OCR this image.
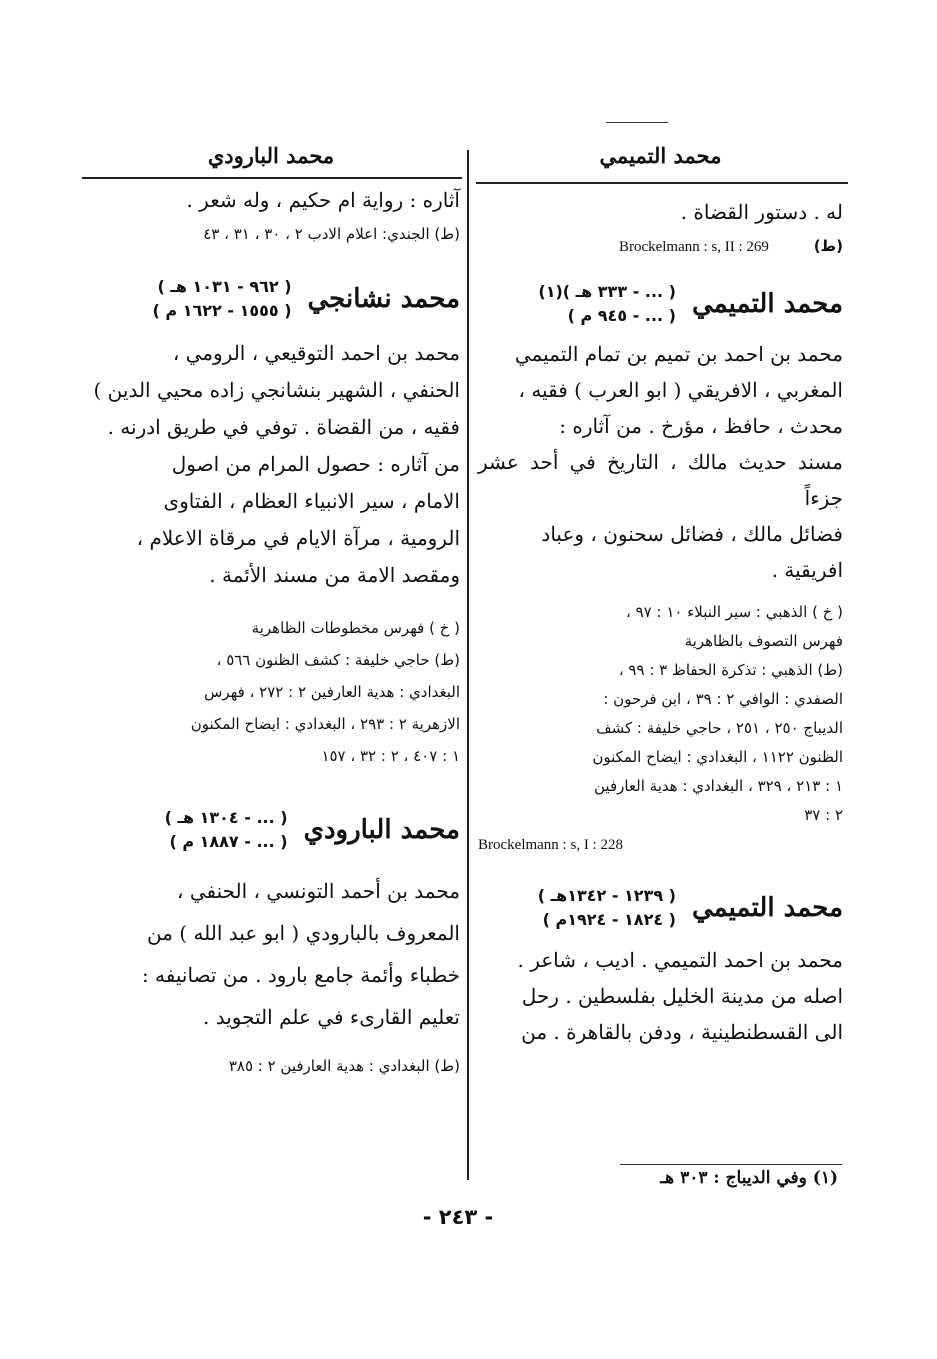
محمد التميمي

له . دستور القضاة .

(ط) Brockelmann : s, II : 269

محمد التميمي
( ... - ٣٣٣ هـ )(١)
( ... - ٩٤٥ م )

محمد بن احمد بن تميم بن تمام التميمي

المغربي ، الافريقي ( ابو العرب ) فقيه ،

محدث ، حافظ ، مؤرخ . من آثاره :

مسند حديث مالك ، التاريخ في أحد عشر جزءاً

فضائل مالك ، فضائل سحنون ، وعباد

افريقية .

( خ ) الذهبي : سير النبلاء ١٠ : ٩٧ ،

فهرس التصوف بالظاهرية

(ط) الذهبي : تذكرة الحفاظ ٣ : ٩٩ ،

الصفدي : الوافي ٢ : ٣٩ ، ابن فرحون :

الديباج ٢٥٠ ، ٢٥١ ، حاجي خليفة : كشف

الظنون ١١٢٢ ، البغدادي : ايضاح المكنون

١ : ٢١٣ ، ٣٢٩ ، البغدادي : هدية العارفين

٢ : ٣٧

Brockelmann : s, I : 228

محمد التميمي
( ١٢٣٩ - ١٣٤٢هـ )
( ١٨٢٤ - ١٩٢٤م )

محمد بن احمد التميمي . اديب ، شاعر .

اصله من مدينة الخليل بفلسطين . رحل

الى القسطنطينية ، ودفن بالقاهرة . من

(١) وفي الديباج : ٣٠٣ هـ
محمد البارودي

آثاره : رواية ام حكيم ، وله شعر .

(ط) الجندي: اعلام الادب ٢ ، ٣٠ ، ٣١ ، ٤٣

محمد نشانجي
( ٩٦٢ - ١٠٣١ هـ )
( ١٥٥٥ - ١٦٢٢ م )

محمد بن احمد التوقيعي ، الرومي ،

الحنفي ، الشهير بنشانجي زاده محيي الدين )

فقيه ، من القضاة . توفي في طريق ادرنه .

من آثاره : حصول المرام من اصول

الامام ، سير الانبياء العظام ، الفتاوى

الرومية ، مرآة الايام في مرقاة الاعلام ،

ومقصد الامة من مسند الأئمة .

( خ ) فهرس مخطوطات الظاهرية

(ط) حاجي خليفة : كشف الظنون ٥٦٦ ،

البغدادي : هدية العارفين ٢ : ٢٧٢ ، فهرس

الازهرية ٢ : ٢٩٣ ، البغدادي : ايضاح المكنون

١ : ٤٠٧ ، ٢ : ٣٢ ، ١٥٧

محمد البارودي
( ... - ١٣٠٤ هـ )
( ... - ١٨٨٧ م )

محمد بن أحمد التونسي ، الحنفي ،

المعروف بالبارودي ( ابو عبد الله ) من

خطباء وأئمة جامع بارود . من تصانيفه :

تعليم القارىء في علم التجويد .

(ط) البغدادي : هدية العارفين ٢ : ٣٨٥

- ٢٤٣ -
